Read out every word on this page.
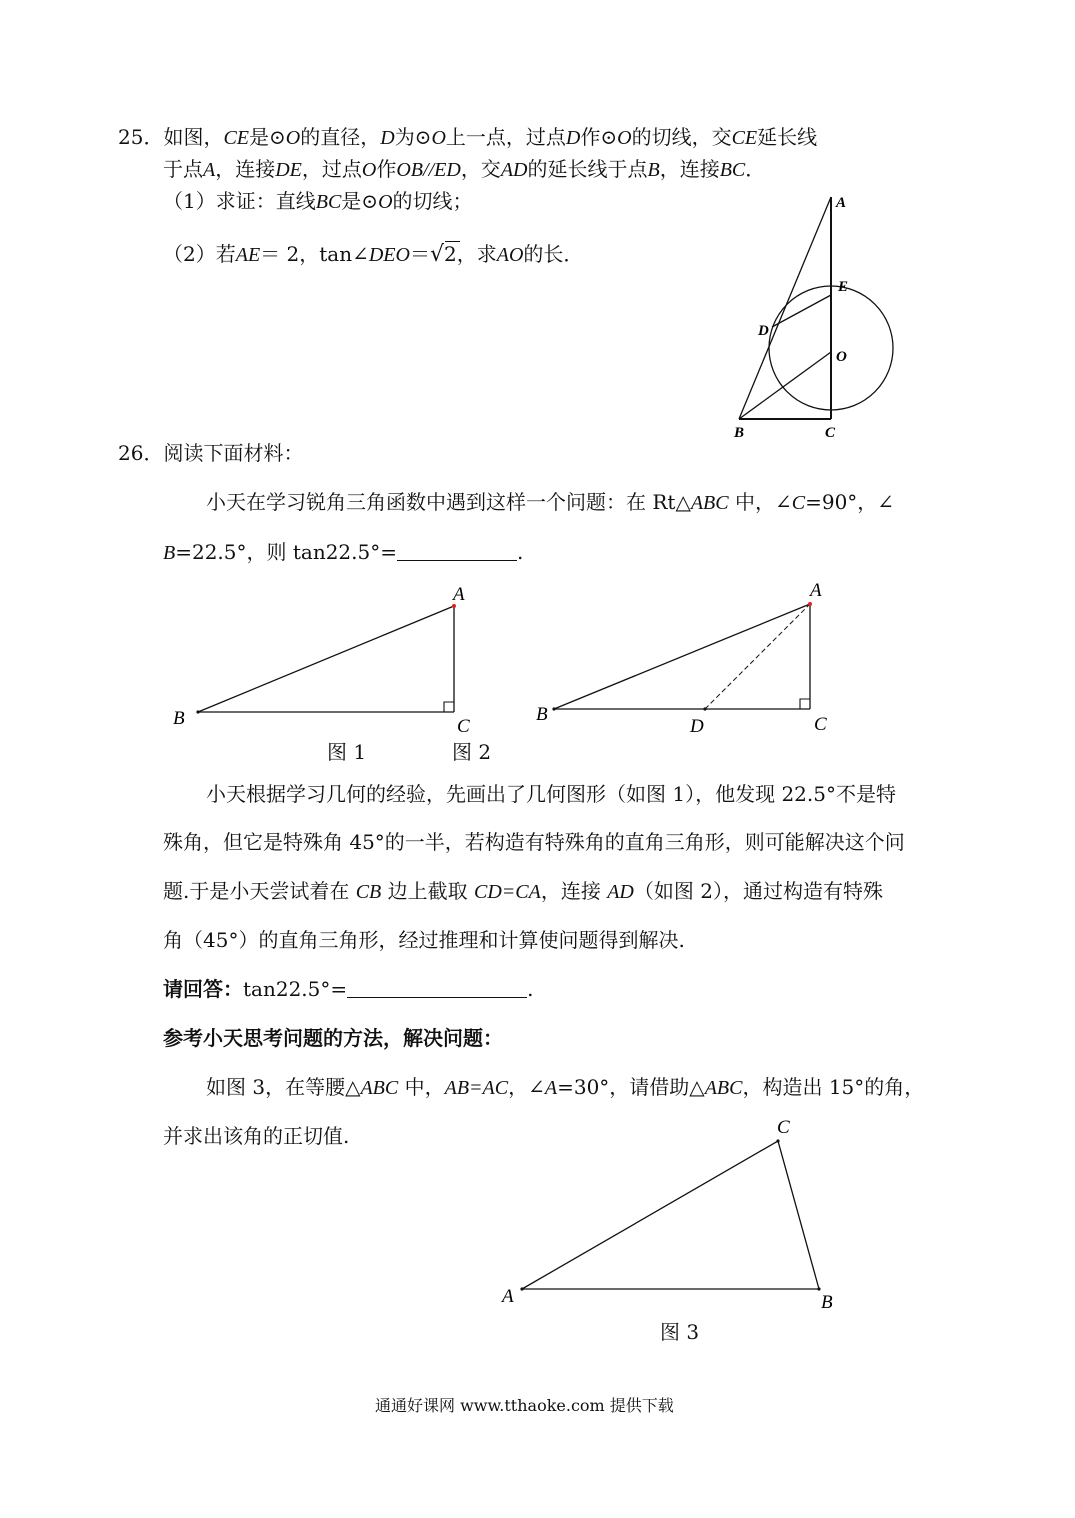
25．如图，CE是⊙O的直径，D为⊙O上一点，过点D作⊙O的切线，交CE延长线
于点A，连接DE，过点O作OB//ED，交AD的延长线于点B，连接BC．
（1）求证：直线BC是⊙O的切线；
（2）若AE＝ 2，tan∠DEO＝√2，求AO的长．
A
E
D
O
B	C
26．阅读下面材料：
小天在学习锐角三角函数中遇到这样一个问题：在 Rt△ABC 中，∠C=90°，∠
B=22.5°，则 tan22.5°=	.
A
B	C
A
B
D	C
图 1	图 2
小天根据学习几何的经验，先画出了几何图形（如图 1），他发现 22.5°不是特
殊角，但它是特殊角 45°的一半，若构造有特殊角的直角三角形，则可能解决这个问
题.于是小天尝试着在 CB 边上截取 CD=CA，连接 AD（如图 2），通过构造有特殊
角（45°）的直角三角形，经过推理和计算使问题得到解决.
请回答：tan22.5°=	.
参考小天思考问题的方法，解决问题：
如图 3，在等腰△ABC 中，AB=AC，∠A=30°，请借助△ABC，构造出 15°的角，
并求出该角的正切值.	C
A	B
图 3
通通好课网 www.tthaoke.com 提供下载
